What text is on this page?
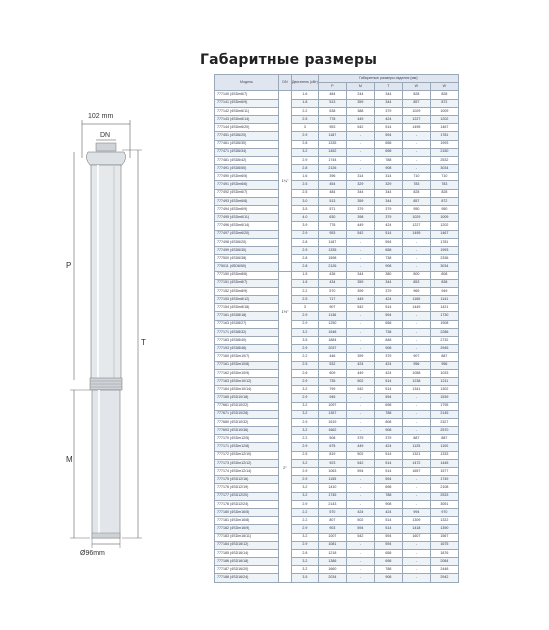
Габаритные размеры
102 mm
DN
P
T
M
Ø96mm
Модель	DN	Двигатель (кВт)	Габаритные размеры изделия (мм)				
			P	M	T	W	W
777140 (4SDm6/7)	1¼"	1.6	484	244	344	828	828
777141 (4SDm6/9)		1.8	513	359	344	857	872
777142 (4SDm6/11)		2.2	638	388	379	1029	1009
777143 (4SDm6/14)		2.5	778	449	424	1227	1202
777144 (4SDm6/20)		3	953	542	514	1495	1467
777451 (4SD6/20)		2.9	1187	-	594	-	1781
777461 (4SD6/30)		2.8	1335	-	658	-	1993
777471 (4SD6/34)		3.2	1452	-	698	-	2150
777481 (4SD6/42)		2.9	1744	-	788	-	2532
777491 (4SD6/50)		2.8	2126	-	908	-	3034
777490 (4SDm6/5)		1.6	396	314	314	710	710
777491 (4SDm6/6)		2.5	454	329	329	783	783
777492 (4SDm6/7)		2.5	484	344	344	828	828
777493 (4SDm6/8)		3.0	513	359	344	857	872
777494 (4SDm6/9)		3.5	571	379	379	950	950
777495 (4SDm6/11)		4.0	630	398	379	1029	1009
777496 (4SDm6/14)		3.9	778	449	424	1227	1202
777497 (4SDm6/20)		2.9	953	542	514	1495	1467
777498 (4SD6/20)		2.8	1187	-	594	-	1781
777499 (4SD6/30)		2.9	1335	-	658	-	1993
777500 (4SD6/38)		2.8	1598	-	738	-	2336
775011 (4SD6/50)		2.8	2126	-	908	-	3034
777150 (4SDm8/6)	1½"	1.5	436	344	380	800	808
777151 (4SDm8/7)		1.6	434	359	344	853	838
777152 (4SDm8/9)		2.2	570	399	379	969	949
777153 (4SDm8/12)		2.5	717	449	424	1165	1141
777154 (4SDm8/18)		3	907	542	514	1449	1421
777161 (4SD8/18)		2.9	1136	-	594	-	1730
777163 (4SD8/27)		2.9	1250	-	658	-	1908
777171 (4SD8/32)		3.2	1548	-	738	-	2286
777183 (4SD8/40)		3.5	1884	-	848	-	2732
777193 (4SD8/46)		2.9	2037	-	908	-	2945
777160 (4SDm10/7)	2"	2.2	446	399	379	907	887
777161 (4SDm10/8)		2.5	532	424	424	956	956
777162 (4SDm10/9)		2.6	609	449	424	1058	1033
777163 (4SDm10/12)		2.9	735	502	514	1238	1211
777164 (4SDm10/14)		3.2	799	542	514	1341	1302
777165 (4SD10/18)		2.9	945	-	594	-	1539
777661 (4SD10/22)		3.2	1097	-	698	-	1795
777671 (4SD10/28)		3.2	1357	-	788	-	2145
777680 (4SD10/32)		2.9	1519	-	808	-	2327
777693 (4SD10/36)		3.2	1662	-	908	-	2570
777170 (4SDm12/5)		2.2	508	379	379	887	887
777171 (4SDm12/8)		2.9	675	449	424	1125	1100
777172 (4SDm12/10)		2.5	819	502	514	1321	1333
777173 (4SDm12/12)		3.2	923	542	514	1472	1445
777174 (4SDm12/14)		2.9	1063	594	514	1657	1577
777175 (4SD12/16)		2.9	1155	-	594	-	1749
777176 (4SD12/19)		3.2	1410	-	698	-	2108
777177 (4SD12/20)		3.2	1745	-	788	-	2533
777178 (4SD12/24)		2.9	2143	-	908	-	3051
777180 (4SDm16/5)		2.2	570	424	424	994	970
777181 (4SDm16/8)		2.2	807	502	514	1309	1322
777182 (4SDm16/9)		2.9	903	594	514	1418	1390
777183 (4SDm16/11)		3.2	1007	542	594	1607	1567
777184 (4SD16/12)		2.9	1081	-	594	-	1675
777185 (4SD16/14)		2.8	1218	-	658	-	1876
777186 (4SD16/18)		3.2	1386	-	698	-	2084
777187 (4SD16/20)		3.2	1660	-	788	-	2448
777188 (4SD16/24)		3.5	2034	-	908	-	2942
